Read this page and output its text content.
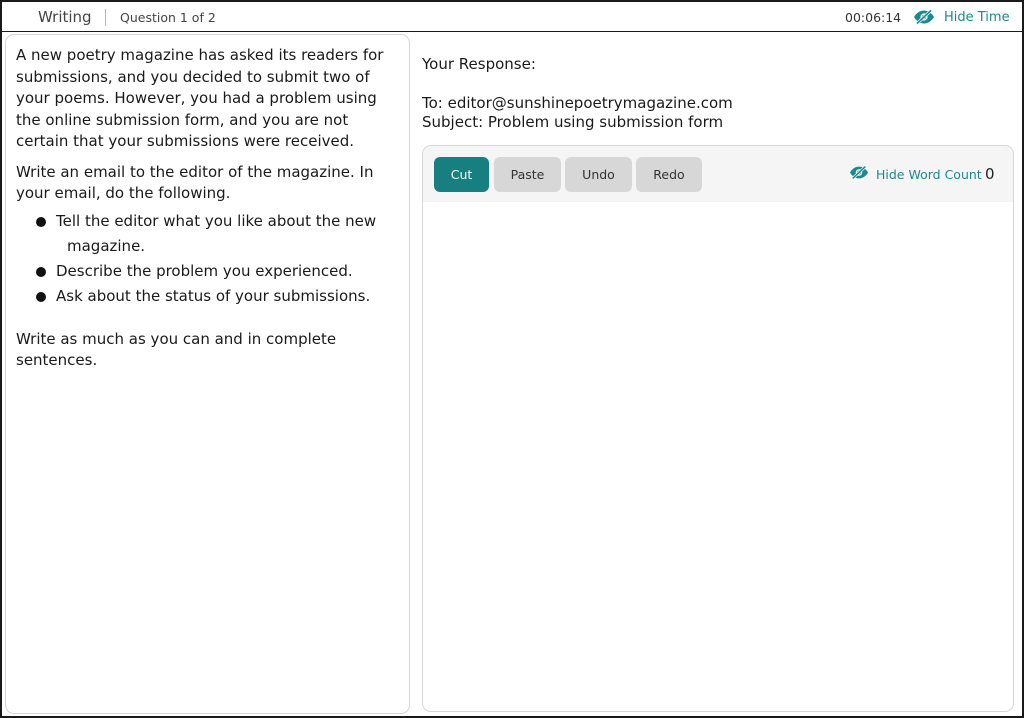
Writing Question 1 of 2	00:06:14	Hide Time

A new poetry magazine has asked its readers for submissions, and you decided to submit two of your poems. However, you had a problem using the online submission form, and you are not certain that your submissions were received.

Write an email to the editor of the magazine. In your email, do the following.

Tell the editor what you like about the new
magazine.
Describe the problem you experienced.
Ask about the status of your submissions.

Write as much as you can and in complete sentences.

Your Response:

To: editor@sunshinepoetrymagazine.com

Subject: Problem using submission form

Cut	Paste	Undo	Redo	Hide Word Count 0
